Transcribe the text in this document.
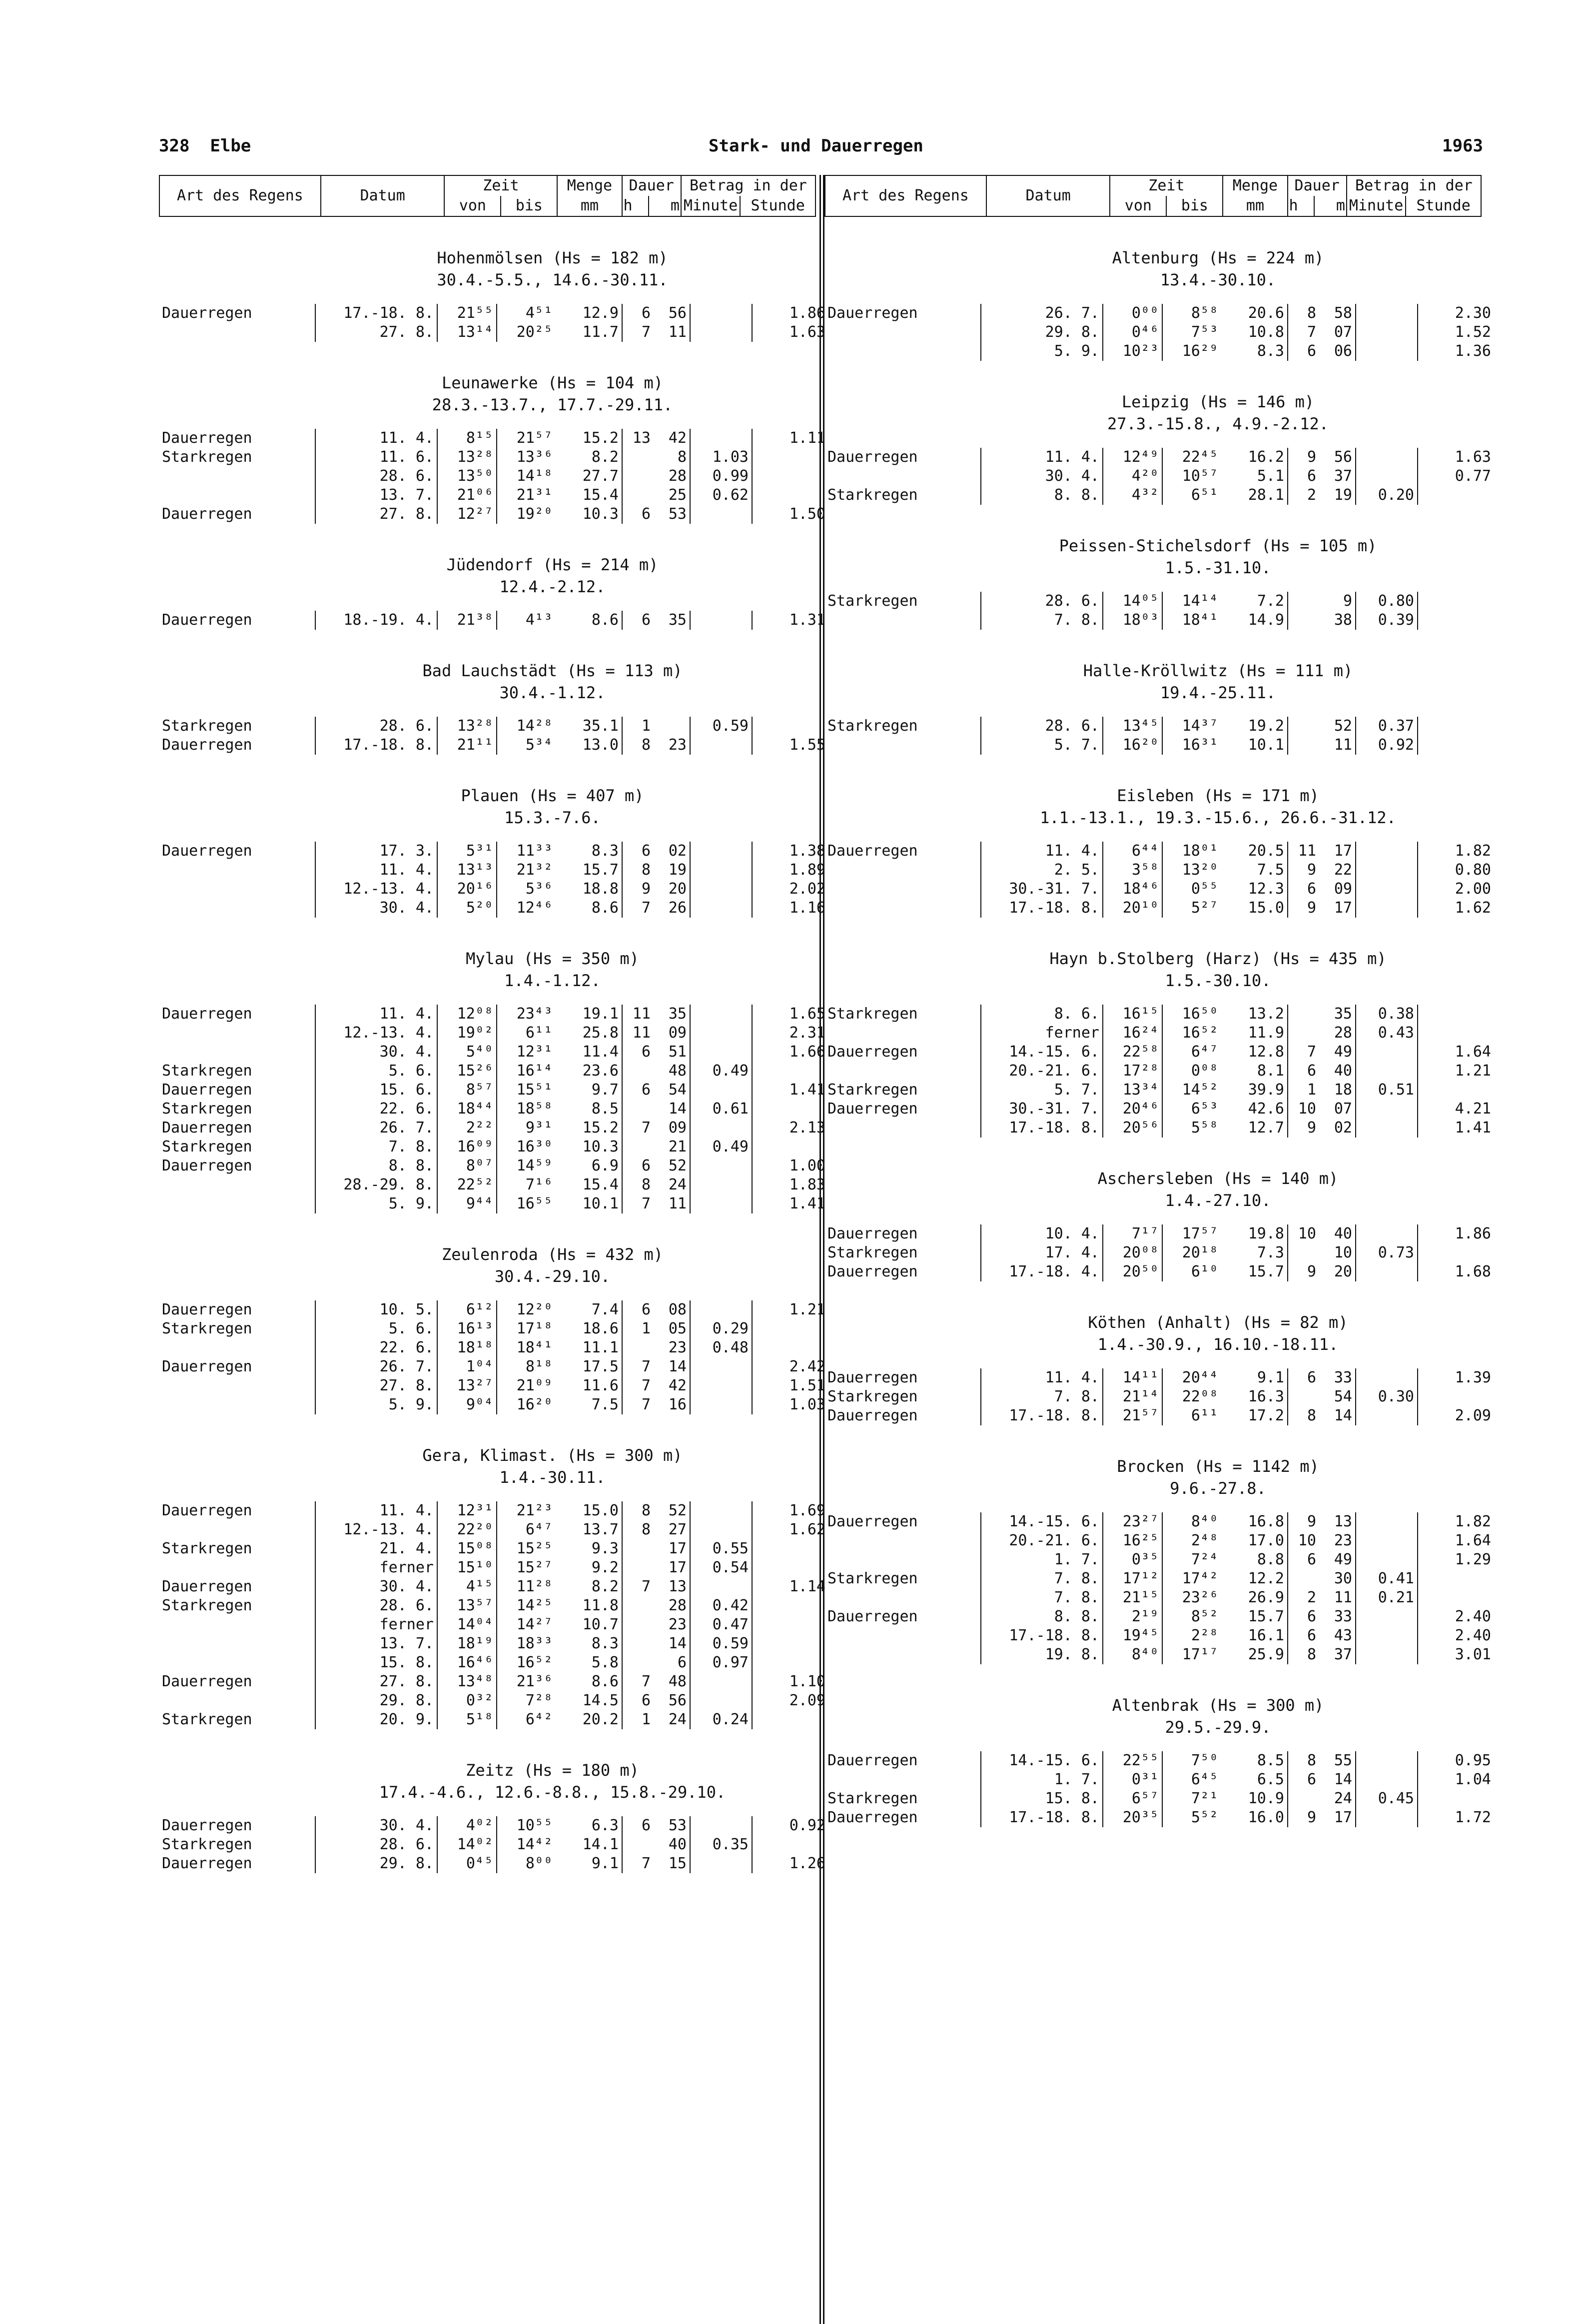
328 Elbe	Stark- und Dauerregen	1963
Art des Regens	Datum	Zeit		Menge	Dauer		Betrag in der	
		von	bis	mm	h	m	Minute	Stunde
Hohenmölsen (Hs = 182 m)
30.4.-5.5., 14.6.-30.11.
Dauerregen	17.-18. 8.	21⁵⁵	4⁵¹	12.9	6	56		1.86
	27. 8.	13¹⁴	20²⁵	11.7	7	11		1.63
Leunawerke (Hs = 104 m)
28.3.-13.7., 17.7.-29.11.
Dauerregen	11. 4.	8¹⁵	21⁵⁷	15.2	13	42		1.11
Starkregen	11. 6.	13²⁸	13³⁶	8.2		8	1.03	
	28. 6.	13⁵⁰	14¹⁸	27.7		28	0.99	
	13. 7.	21⁰⁶	21³¹	15.4		25	0.62	
Dauerregen	27. 8.	12²⁷	19²⁰	10.3	6	53		1.50
Jüdendorf (Hs = 214 m)
12.4.-2.12.
Dauerregen	18.-19. 4.	21³⁸	4¹³	8.6	6	35		1.31
Bad Lauchstädt (Hs = 113 m)
30.4.-1.12.
Starkregen	28. 6.	13²⁸	14²⁸	35.1	1		0.59	
Dauerregen	17.-18. 8.	21¹¹	5³⁴	13.0	8	23		1.55
Plauen (Hs = 407 m)
15.3.-7.6.
Dauerregen	17. 3.	5³¹	11³³	8.3	6	02		1.38
	11. 4.	13¹³	21³²	15.7	8	19		1.89
	12.-13. 4.	20¹⁶	5³⁶	18.8	9	20		2.02
	30. 4.	5²⁰	12⁴⁶	8.6	7	26		1.16
Mylau (Hs = 350 m)
1.4.-1.12.
Dauerregen	11. 4.	12⁰⁸	23⁴³	19.1	11	35		1.65
	12.-13. 4.	19⁰²	6¹¹	25.8	11	09		2.31
	30. 4.	5⁴⁰	12³¹	11.4	6	51		1.66
Starkregen	5. 6.	15²⁶	16¹⁴	23.6		48	0.49	
Dauerregen	15. 6.	8⁵⁷	15⁵¹	9.7	6	54		1.41
Starkregen	22. 6.	18⁴⁴	18⁵⁸	8.5		14	0.61	
Dauerregen	26. 7.	2²²	9³¹	15.2	7	09		2.13
Starkregen	7. 8.	16⁰⁹	16³⁰	10.3		21	0.49	
Dauerregen	8. 8.	8⁰⁷	14⁵⁹	6.9	6	52		1.00
	28.-29. 8.	22⁵²	7¹⁶	15.4	8	24		1.83
	5. 9.	9⁴⁴	16⁵⁵	10.1	7	11		1.41
Zeulenroda (Hs = 432 m)
30.4.-29.10.
Dauerregen	10. 5.	6¹²	12²⁰	7.4	6	08		1.21
Starkregen	5. 6.	16¹³	17¹⁸	18.6	1	05	0.29	
	22. 6.	18¹⁸	18⁴¹	11.1		23	0.48	
Dauerregen	26. 7.	1⁰⁴	8¹⁸	17.5	7	14		2.42
	27. 8.	13²⁷	21⁰⁹	11.6	7	42		1.51
	5. 9.	9⁰⁴	16²⁰	7.5	7	16		1.03
Gera, Klimast. (Hs = 300 m)
1.4.-30.11.
Dauerregen	11. 4.	12³¹	21²³	15.0	8	52		1.69
	12.-13. 4.	22²⁰	6⁴⁷	13.7	8	27		1.62
Starkregen	21. 4.	15⁰⁸	15²⁵	9.3		17	0.55	
	ferner	15¹⁰	15²⁷	9.2		17	0.54	
Dauerregen	30. 4.	4¹⁵	11²⁸	8.2	7	13		1.14
Starkregen	28. 6.	13⁵⁷	14²⁵	11.8		28	0.42	
	ferner	14⁰⁴	14²⁷	10.7		23	0.47	
	13. 7.	18¹⁹	18³³	8.3		14	0.59	
	15. 8.	16⁴⁶	16⁵²	5.8		6	0.97	
Dauerregen	27. 8.	13⁴⁸	21³⁶	8.6	7	48		1.10
	29. 8.	0³²	7²⁸	14.5	6	56		2.09
Starkregen	20. 9.	5¹⁸	6⁴²	20.2	1	24	0.24	
Zeitz (Hs = 180 m)
17.4.-4.6., 12.6.-8.8., 15.8.-29.10.
Dauerregen	30. 4.	4⁰²	10⁵⁵	6.3	6	53		0.92
Starkregen	28. 6.	14⁰²	14⁴²	14.1		40	0.35	
Dauerregen	29. 8.	0⁴⁵	8⁰⁰	9.1	7	15		1.26
Art des Regens	Datum	Zeit		Menge	Dauer		Betrag in der	
		von	bis	mm	h	m	Minute	Stunde
Altenburg (Hs = 224 m)
13.4.-30.10.
Dauerregen	26. 7.	0⁰⁰	8⁵⁸	20.6	8	58		2.30
	29. 8.	0⁴⁶	7⁵³	10.8	7	07		1.52
	5. 9.	10²³	16²⁹	8.3	6	06		1.36
Leipzig (Hs = 146 m)
27.3.-15.8., 4.9.-2.12.
Dauerregen	11. 4.	12⁴⁹	22⁴⁵	16.2	9	56		1.63
	30. 4.	4²⁰	10⁵⁷	5.1	6	37		0.77
Starkregen	8. 8.	4³²	6⁵¹	28.1	2	19	0.20	
Peissen-Stichelsdorf (Hs = 105 m)
1.5.-31.10.
Starkregen	28. 6.	14⁰⁵	14¹⁴	7.2		9	0.80	
	7. 8.	18⁰³	18⁴¹	14.9		38	0.39	
Halle-Kröllwitz (Hs = 111 m)
19.4.-25.11.
Starkregen	28. 6.	13⁴⁵	14³⁷	19.2		52	0.37	
	5. 7.	16²⁰	16³¹	10.1		11	0.92	
Eisleben (Hs = 171 m)
1.1.-13.1., 19.3.-15.6., 26.6.-31.12.
Dauerregen	11. 4.	6⁴⁴	18⁰¹	20.5	11	17		1.82
	2. 5.	3⁵⁸	13²⁰	7.5	9	22		0.80
	30.-31. 7.	18⁴⁶	0⁵⁵	12.3	6	09		2.00
	17.-18. 8.	20¹⁰	5²⁷	15.0	9	17		1.62
Hayn b.Stolberg (Harz) (Hs = 435 m)
1.5.-30.10.
Starkregen	8. 6.	16¹⁵	16⁵⁰	13.2		35	0.38	
	ferner	16²⁴	16⁵²	11.9		28	0.43	
Dauerregen	14.-15. 6.	22⁵⁸	6⁴⁷	12.8	7	49		1.64
	20.-21. 6.	17²⁸	0⁰⁸	8.1	6	40		1.21
Starkregen	5. 7.	13³⁴	14⁵²	39.9	1	18	0.51	
Dauerregen	30.-31. 7.	20⁴⁶	6⁵³	42.6	10	07		4.21
	17.-18. 8.	20⁵⁶	5⁵⁸	12.7	9	02		1.41
Aschersleben (Hs = 140 m)
1.4.-27.10.
Dauerregen	10. 4.	7¹⁷	17⁵⁷	19.8	10	40		1.86
Starkregen	17. 4.	20⁰⁸	20¹⁸	7.3		10	0.73	
Dauerregen	17.-18. 4.	20⁵⁰	6¹⁰	15.7	9	20		1.68
Köthen (Anhalt) (Hs = 82 m)
1.4.-30.9., 16.10.-18.11.
Dauerregen	11. 4.	14¹¹	20⁴⁴	9.1	6	33		1.39
Starkregen	7. 8.	21¹⁴	22⁰⁸	16.3		54	0.30	
Dauerregen	17.-18. 8.	21⁵⁷	6¹¹	17.2	8	14		2.09
Brocken (Hs = 1142 m)
9.6.-27.8.
Dauerregen	14.-15. 6.	23²⁷	8⁴⁰	16.8	9	13		1.82
	20.-21. 6.	16²⁵	2⁴⁸	17.0	10	23		1.64
	1. 7.	0³⁵	7²⁴	8.8	6	49		1.29
Starkregen	7. 8.	17¹²	17⁴²	12.2		30	0.41	
	7. 8.	21¹⁵	23²⁶	26.9	2	11	0.21	
Dauerregen	8. 8.	2¹⁹	8⁵²	15.7	6	33		2.40
	17.-18. 8.	19⁴⁵	2²⁸	16.1	6	43		2.40
	19. 8.	8⁴⁰	17¹⁷	25.9	8	37		3.01
Altenbrak (Hs = 300 m)
29.5.-29.9.
Dauerregen	14.-15. 6.	22⁵⁵	7⁵⁰	8.5	8	55		0.95
	1. 7.	0³¹	6⁴⁵	6.5	6	14		1.04
Starkregen	15. 8.	6⁵⁷	7²¹	10.9		24	0.45	
Dauerregen	17.-18. 8.	20³⁵	5⁵²	16.0	9	17		1.72
